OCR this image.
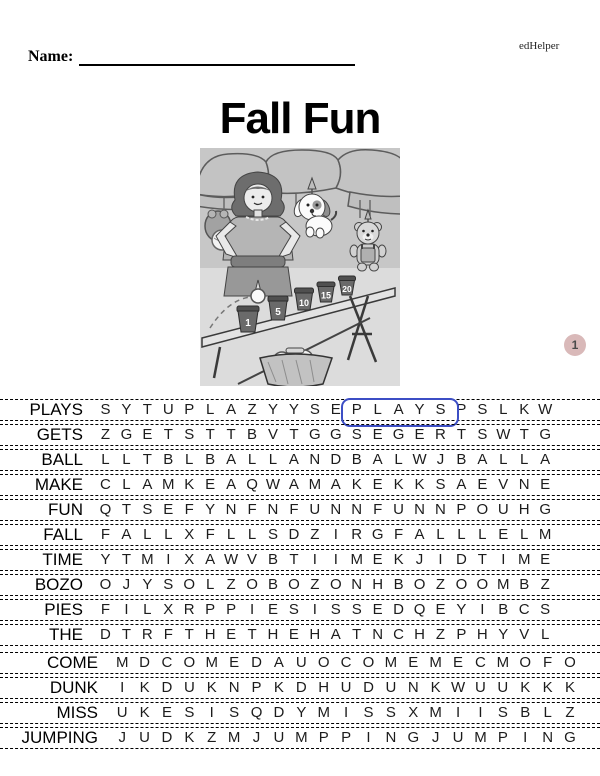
edHelper
Name:
Fall Fun
1
5
10
15
20
1
PLAYS	S Y T U P L A Z Y Y S E P L A Y S P S L K W
GETS	Z G E T S T T B V T G G S E G E R T S W T G
BALL	L L T B L B A L L A N D B A L W J B A L L A
MAKE	C L A M K E A Q W A M A K E K K S A E V N E
FUN	Q T S E F Y N F N F U N N F U N N P O U H G
FALL	F A L L X F L L S D Z I R G F A L L L E L M
TIME	Y T M I X A W V B T I I M E K J I D T I M E
BOZO	O J Y S O L Z O B O Z O N H B O Z O O M B Z
PIES	F I L X R P P I E S I S S E D Q E Y I B C S
THE	D T R F T H E T H E H A T N C H Z P H Y V L
COME	M D C O M E D A U O C O M E M E C M O F O
DUNK	I K D U K N P K D H U D U N K W U U K K K
MISS	U K E S I S Q D Y M I S S X M I I S B L Z
JUMPING	J U D K Z M J U M P P I N G J U M P I N G
